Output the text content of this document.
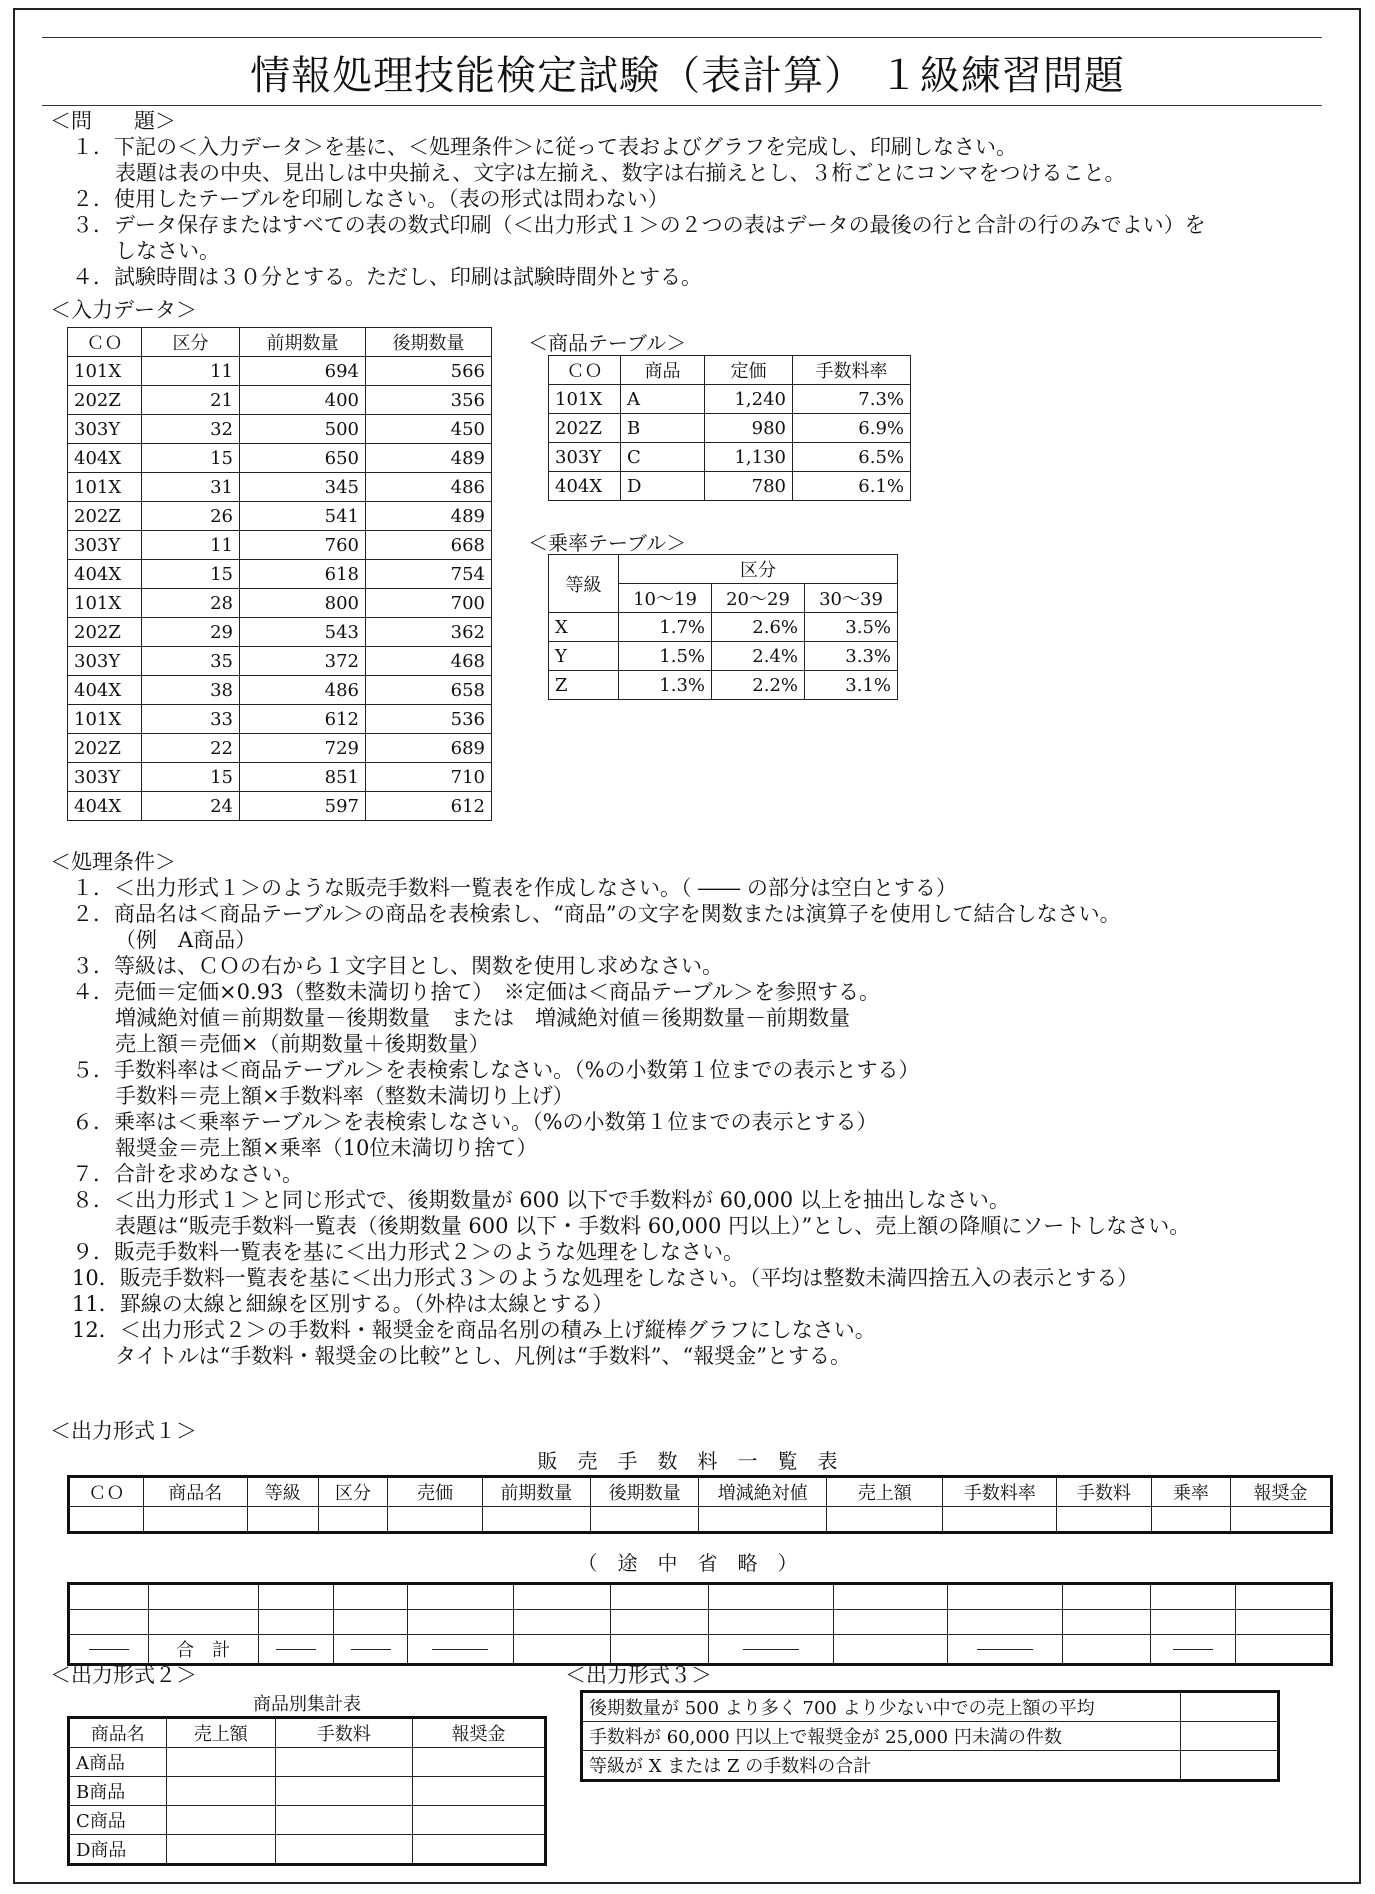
情報処理技能検定試験（表計算） １級練習問題
＜問　　題＞
１．下記の＜入力データ＞を基に、＜処理条件＞に従って表およびグラフを完成し、印刷しなさい。
表題は表の中央、見出しは中央揃え、文字は左揃え、数字は右揃えとし、３桁ごとにコンマをつけること。
２．使用したテーブルを印刷しなさい。（表の形式は問わない）
３．データ保存またはすべての表の数式印刷（＜出力形式１＞の２つの表はデータの最後の行と合計の行のみでよい）を
しなさい。
４．試験時間は３０分とする。ただし、印刷は試験時間外とする。
＜入力データ＞
ＣＯ	区分	前期数量	後期数量
101X	11	694	566
202Z	21	400	356
303Y	32	500	450
404X	15	650	489
101X	31	345	486
202Z	26	541	489
303Y	11	760	668
404X	15	618	754
101X	28	800	700
202Z	29	543	362
303Y	35	372	468
404X	38	486	658
101X	33	612	536
202Z	22	729	689
303Y	15	851	710
404X	24	597	612
＜商品テーブル＞
ＣＯ	商品	定価	手数料率
101X	A	1,240	7.3%
202Z	B	980	6.9%
303Y	C	1,130	6.5%
404X	D	780	6.1%
＜乗率テーブル＞
等級	区分		
	10～19	20～29	30～39
X	1.7%	2.6%	3.5%
Y	1.5%	2.4%	3.3%
Z	1.3%	2.2%	3.1%
＜処理条件＞
１．＜出力形式１＞のような販売手数料一覧表を作成しなさい。（ ―― の部分は空白とする）
２．商品名は＜商品テーブル＞の商品を表検索し、“商品”の文字を関数または演算子を使用して結合しなさい。
（例　A商品）
３．等級は、ＣＯの右から１文字目とし、関数を使用し求めなさい。
４．売価＝定価×0.93（整数未満切り捨て）　※定価は＜商品テーブル＞を参照する。
増減絶対値＝前期数量－後期数量　または　増減絶対値＝後期数量－前期数量
売上額＝売価×（前期数量＋後期数量）
５．手数料率は＜商品テーブル＞を表検索しなさい。（%の小数第１位までの表示とする）
手数料＝売上額×手数料率（整数未満切り上げ）
６．乗率は＜乗率テーブル＞を表検索しなさい。（%の小数第１位までの表示とする）
報奨金＝売上額×乗率（10位未満切り捨て）
７．合計を求めなさい。
８．＜出力形式１＞と同じ形式で、後期数量が 600 以下で手数料が 60,000 以上を抽出しなさい。
表題は“販売手数料一覧表（後期数量 600 以下・手数料 60,000 円以上）”とし、売上額の降順にソートしなさい。
９．販売手数料一覧表を基に＜出力形式２＞のような処理をしなさい。
10．販売手数料一覧表を基に＜出力形式３＞のような処理をしなさい。（平均は整数未満四捨五入の表示とする）
11．罫線の太線と細線を区別する。（外枠は太線とする）
12．＜出力形式２＞の手数料・報奨金を商品名別の積み上げ縦棒グラフにしなさい。
タイトルは“手数料・報奨金の比較”とし、凡例は“手数料”、“報奨金”とする。
＜出力形式１＞
販　売　手　数　料　一　覧　表
ＣＯ	商品名	等級	区分	売価	前期数量	後期数量	増減絶対値	売上額	手数料率	手数料	乗率	報奨金

（　途　中　省　略　）

	合　計											
＜出力形式２＞
商品別集計表
商品名	売上額	手数料	報奨金
A商品			
B商品			
C商品			
D商品			
＜出力形式３＞
後期数量が 500 より多く 700 より少ない中での売上額の平均	
手数料が 60,000 円以上で報奨金が 25,000 円未満の件数	
等級が X または Z の手数料の合計	
